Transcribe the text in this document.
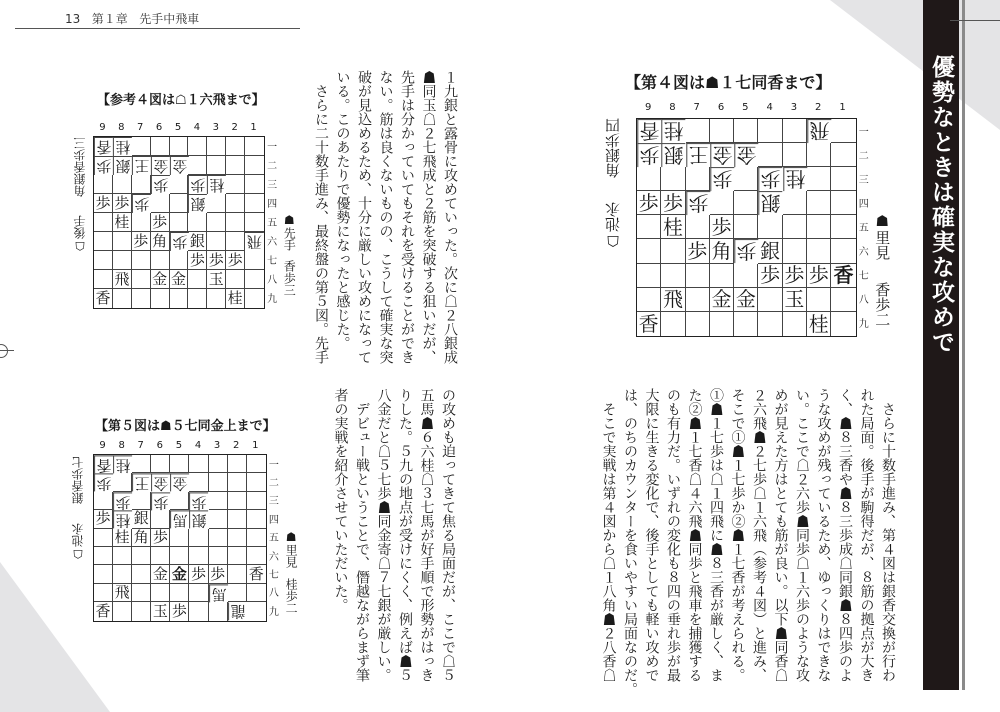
13 第１章 先手中飛車
優勢なときは確実な攻めで
１九銀と露骨に攻めていった。次に☖２八銀成
☗同玉☖２七飛成と２筋を突破する狙いだが、
先手は分かっていてもそれを受けることができ
ない。筋は良くないものの、こうして確実な突
破が見込めるため、十分に厳しい攻めになって
いる。このあたりで優勢になったと感じた。
　さらに二十数手進み、最終盤の第５図。先手
の攻めも迫ってきて焦る局面だが、ここで☖５
五馬☗６六桂☖３七馬が好手順で形勢がはっき
りした。５九の地点が受けにくく、例えば☗５
八金だと☖５七歩☗同金寄☖７七銀が厳しい。
　デビュー戦ということで、僭越ながらまず筆
者の実戦を紹介させていただいた。	　さらに十数手進み、第４図は銀香交換が行わ
れた局面。後手が駒得だが、８筋の拠点が大き
く、☗８三香や☗８三歩成☖同銀☗８四歩のよ
うな攻めが残っているため、ゆっくりはできな
い。ここで☖２六歩☗同歩☖１六歩のような攻
めが見えた方はとても筋が良い。以下☗同香☖
２六飛☗２七歩☖１六飛（参考４図）と進み、
そこで①☗１七歩か②☗１七香が考えられる。
①☗１七歩は☖１四飛に☗８三香が厳しく、ま
た②☗１七香☖４六飛☗同歩と飛車を捕獲する
のも有力だ。いずれの変化も８四の垂れ歩が最
大限に生きる変化で、後手としても軽い攻めで
は、のちのカウンターを食いやすい局面なのだ。
　そこで実戦は第４図から☖１八角☗２八香☖
【第４図は☗１七同香まで】
9	8	7	6	5	4	3	2	1
一
二
三
四
五
六
七
八
九
香 桂	飛
歩 銀 王 金 金
歩 歩 桂
歩 歩 歩	銀
桂 歩
歩 角 歩 銀
歩 歩 歩 香
飛 金 金 玉
香	桂
☗里見
香歩二
角銀歩四
☖池永
【参考４図は☖１六飛まで】
9	8	7	6	5	4	3	2	1
一
二
三
四
五
六
七
八
九
香 桂
歩 銀 王 金 金
歩 歩 桂
歩 歩 歩	銀
桂 歩
歩 角 歩 銀	飛
歩 歩 歩
飛 金 金 玉
香	桂
☗先手
香歩三
角銀香歩三
☖後手
【第５図は☗５七同金上まで】
9	8	7	6	5	4	3	2	1
一
二
三
四
五
六
七
八
九
香 桂
歩 王 金 金
歩 歩 歩
歩 桂 銀 馬 銀
桂 角 歩
金 金 歩 歩 香
飛	馬
香	玉 歩	龍
☗里見
桂歩二
銀香歩七
☖池永
